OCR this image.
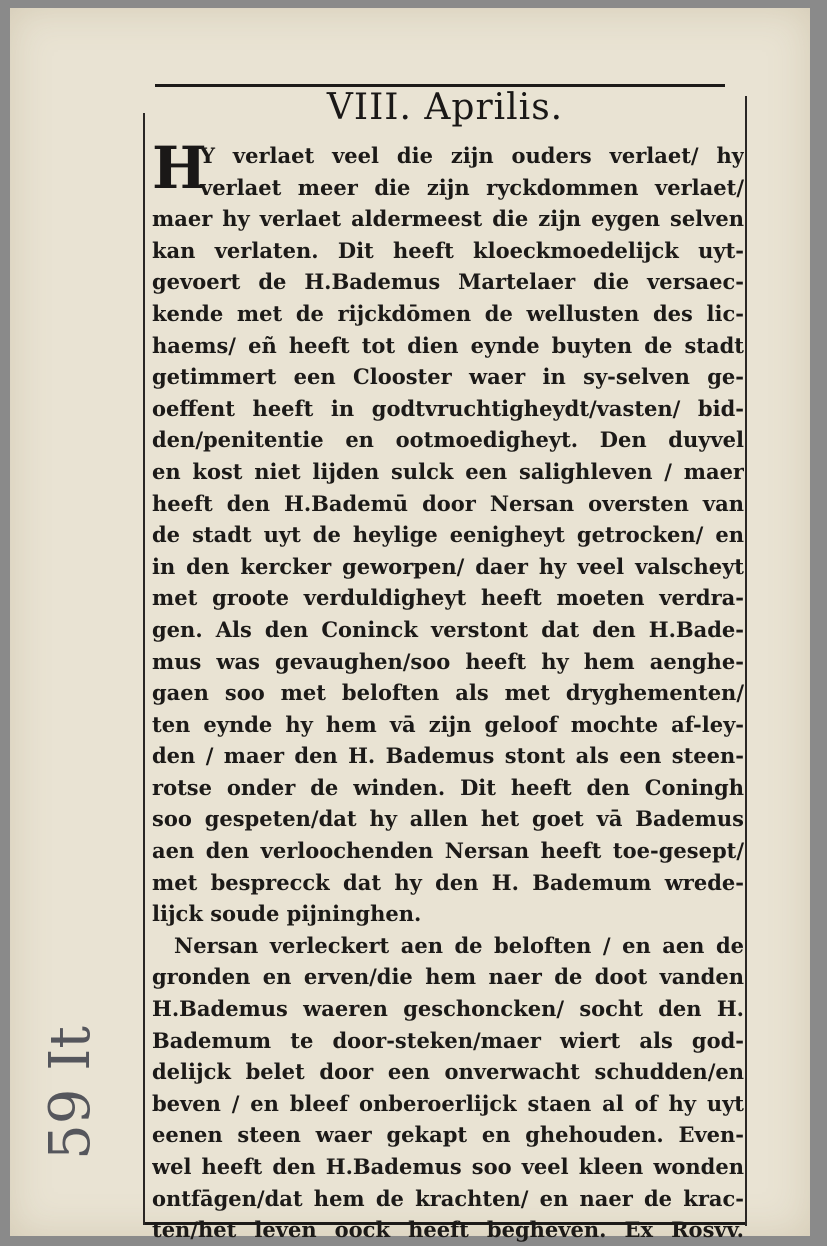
VIII. Aprilis.
H
Y verlaet veel die zijn ouders verlaet/ hy
verlaet meer die zijn ryckdommen verlaet/
maer hy verlaet aldermeest die zijn eygen selven
kan verlaten. Dit heeft kloeckmoedelijck uyt-
gevoert de H.Bademus Martelaer die versaec-
kende met de rijckdōmen de wellusten des lic-
haems/ eñ heeft tot dien eynde buyten de stadt
getimmert een Clooster waer in sy-selven ge-
oeffent heeft in godtvruchtigheydt/vasten/ bid-
den/penitentie en ootmoedigheyt. Den duyvel
en kost niet lijden sulck een salighleven / maer
heeft den H.Bademū door Nersan oversten van
de stadt uyt de heylige eenigheyt getrocken/ en
in den kercker geworpen/ daer hy veel valscheyt
met groote verduldigheyt heeft moeten verdra-
gen. Als den Coninck verstont dat den H.Bade-
mus was gevaughen/soo heeft hy hem aenghe-
gaen soo met beloften als met dryghementen/
ten eynde hy hem vā zijn geloof mochte af-ley-
den / maer den H. Bademus stont als een steen-
rotse onder de winden. Dit heeft den Coningh
soo gespeten/dat hy allen het goet vā Bademus
aen den verloochenden Nersan heeft toe-gesept/
met besprecck dat hy den H. Bademum wrede-
lijck soude pijninghen.
Nersan verleckert aen de beloften / en aen de
gronden en erven/die hem naer de doot vanden
H.Bademus waeren geschoncken/ socht den H.
Bademum te door-steken/maer wiert als god-
delijck belet door een onverwacht schudden/en
beven / en bleef onberoerlijck staen al of hy uyt
eenen steen waer gekapt en ghehouden. Even-
wel heeft den H.Bademus soo veel kleen wonden
ontfāgen/dat hem de krachten/ en naer de krac-
ten/het leven oock heeft begheven. Ex Rosvv.
59 It
